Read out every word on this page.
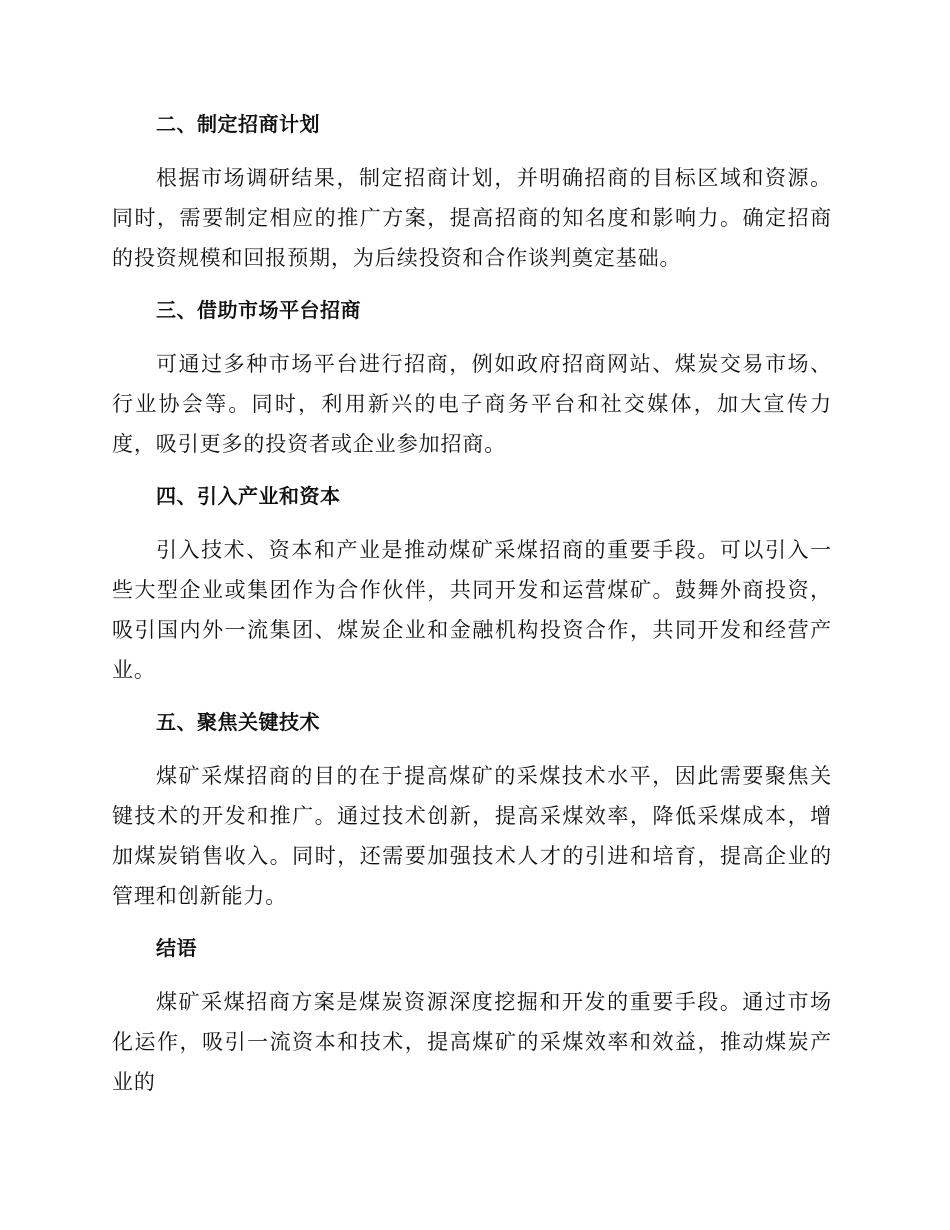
二、制定招商计划

根据市场调研结果，制定招商计划，并明确招商的目标区域和资源。同时，需要制定相应的推广方案，提高招商的知名度和影响力。确定招商的投资规模和回报预期，为后续投资和合作谈判奠定基础。

三、借助市场平台招商

可通过多种市场平台进行招商，例如政府招商网站、煤炭交易市场、行业协会等。同时，利用新兴的电子商务平台和社交媒体，加大宣传力度，吸引更多的投资者或企业参加招商。

四、引入产业和资本

引入技术、资本和产业是推动煤矿采煤招商的重要手段。可以引入一些大型企业或集团作为合作伙伴，共同开发和运营煤矿。鼓舞外商投资，吸引国内外一流集团、煤炭企业和金融机构投资合作，共同开发和经营产业。

五、聚焦关键技术

煤矿采煤招商的目的在于提高煤矿的采煤技术水平，因此需要聚焦关键技术的开发和推广。通过技术创新，提高采煤效率，降低采煤成本，增加煤炭销售收入。同时，还需要加强技术人才的引进和培育，提高企业的管理和创新能力。

结语

煤矿采煤招商方案是煤炭资源深度挖掘和开发的重要手段。通过市场化运作，吸引一流资本和技术，提高煤矿的采煤效率和效益，推动煤炭产业的
